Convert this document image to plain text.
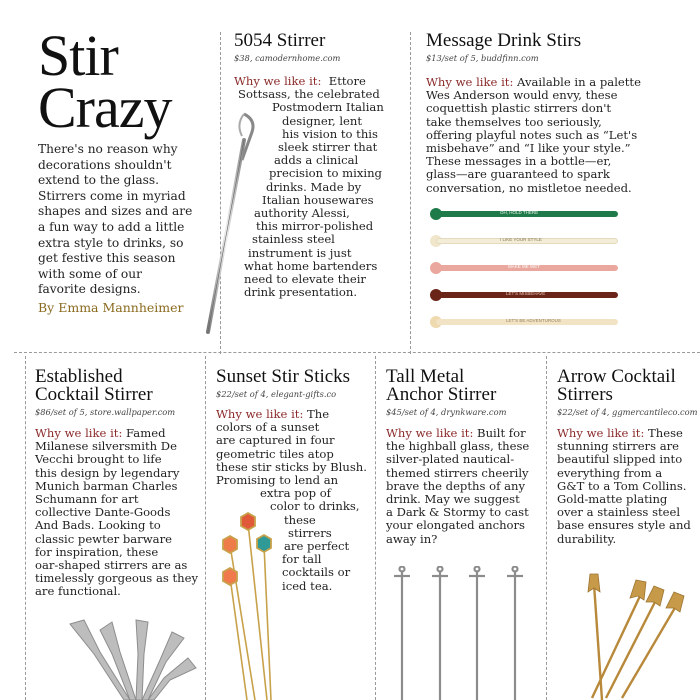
Stir
Crazy
There's no reason why
decorations shouldn't
extend to the glass.
Stirrers come in myriad
shapes and sizes and are
a fun way to add a little
extra style to drinks, so
get festive this season
with some of our
favorite designs.
By Emma Mannheimer
5054 Stirrer
$38, camodernhome.com
Why we like it: Ettore
Sottsass, the celebrated
Postmodern Italian
designer, lent
his vision to this
sleek stirrer that
adds a clinical
precision to mixing
drinks. Made by
Italian housewares
authority Alessi,
this mirror-polished
stainless steel
instrument is just
what home bartenders
need to elevate their
drink presentation.
Message Drink Stirs
$13/set of 5, buddfinn.com
Why we like it: Available in a palette
Wes Anderson would envy, these
coquettish plastic stirrers don't
take themselves too seriously,
offering playful notes such as “Let's
misbehave” and “I like your style.”
These messages in a bottle—er,
glass—are guaranteed to spark
conversation, no mistletoe needed.
OH, HOLD THERE
I LIKE YOUR STYLE
MAKE ME WET
LET'S MISBEHAVE
LET'S BE ADVENTUROUS
Established
Cocktail Stirrer
$86/set of 5, store.wallpaper.com
Why we like it: Famed
Milanese silversmith De
Vecchi brought to life
this design by legendary
Munich barman Charles
Schumann for art
collective Dante-Goods
And Bads. Looking to
classic pewter barware
for inspiration, these
oar-shaped stirrers are as
timelessly gorgeous as they
are functional.
Sunset Stir Sticks
$22/set of 4, elegant-gifts.co
Why we like it: The
colors of a sunset
are captured in four
geometric tiles atop
these stir sticks by Blush.
Promising to lend an
extra pop of
color to drinks,
these
stirrers
are perfect
for tall
cocktails or
iced tea.
Tall Metal
Anchor Stirrer
$45/set of 4, drynkware.com
Why we like it: Built for
the highball glass, these
silver-plated nautical-
themed stirrers cheerily
brave the depths of any
drink. May we suggest
a Dark & Stormy to cast
your elongated anchors
away in?
Arrow Cocktail
Stirrers
$22/set of 4, ggmercantileco.com
Why we like it: These
stunning stirrers are
beautiful slipped into
everything from a
G&T to a Tom Collins.
Gold-matte plating
over a stainless steel
base ensures style and
durability.
